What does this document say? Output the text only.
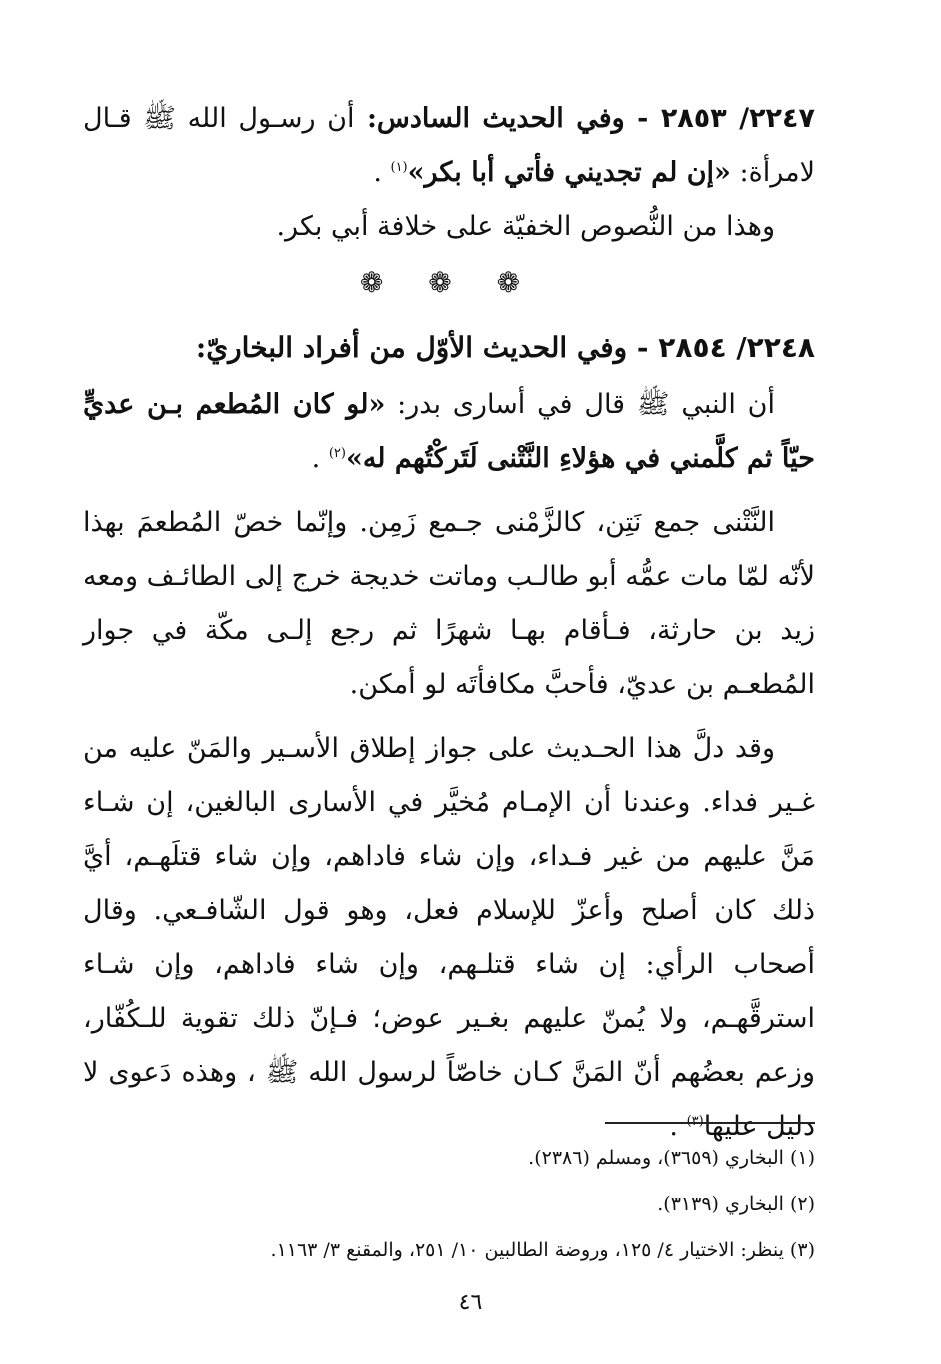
٢٢٤٧/ ٢٨٥٣ - وفي الحديث السادس: أن رسـول الله ﷺ قـال لامرأة: «إن لم تجديني فأتي أبا بكر»$^{(١)}$ .

وهذا من النُّصوص الخفيّة على خلافة أبي بكر.

❁ ❁ ❁

٢٢٤٨/ ٢٨٥٤ - وفي الحديث الأوّل من أفراد البخاريّ:

أن النبي ﷺ قال في أسارى بدر: «لو كان المُطعم بـن عديٍّ حيّاً ثم كلَّمني في هؤلاءِ النَّتْنى لَتَركْتُهم له»$^{(٢)}$ .

النَّتْنى جمع نَتِن، كالزَّمْنى جـمع زَمِن. وإنّما خصّ المُطعمَ بهذا لأنّه لمّا مات عمُّه أبو طالـب وماتت خديجة خرج إلى الطائـف ومعه زيد بن حارثة، فـأقام بهـا شهرًا ثم رجع إلـى مكّة في جوار المُطعـم بن عديّ، فأحبَّ مكافأتَه لو أمكن.

وقد دلَّ هذا الحـديث على جواز إطلاق الأسـير والمَنّ عليه من غـير فداء. وعندنا أن الإمـام مُخيَّر في الأسارى البالغين، إن شـاء مَنَّ عليهم من غير فـداء، وإن شاء فاداهم، وإن شاء قتلَهـم، أيَّ ذلك كان أصلح وأعزّ للإسلام فعل، وهو قول الشّافـعي. وقال أصحاب الرأي: إن شاء قتلـهم، وإن شاء فاداهم، وإن شـاء استرقَّهـم، ولا يُمنّ عليهم بغـير عوض؛ فـإنّ ذلك تقوية للـكُفّار، وزعم بعضُهم أنّ المَنَّ كـان خاصّاً لرسول الله ﷺ ، وهذه دَعوى لا دليل عليها$^{(٣)}$ .

(١) البخاري (٣٦٥٩)، ومسلم (٢٣٨٦).

(٢) البخاري (٣١٣٩).

(٣) ينظر: الاختيار ٤/ ١٢٥، وروضة الطالبين ١٠/ ٢٥١، والمقنع ٣/ ١١٦٣.

٤٦
